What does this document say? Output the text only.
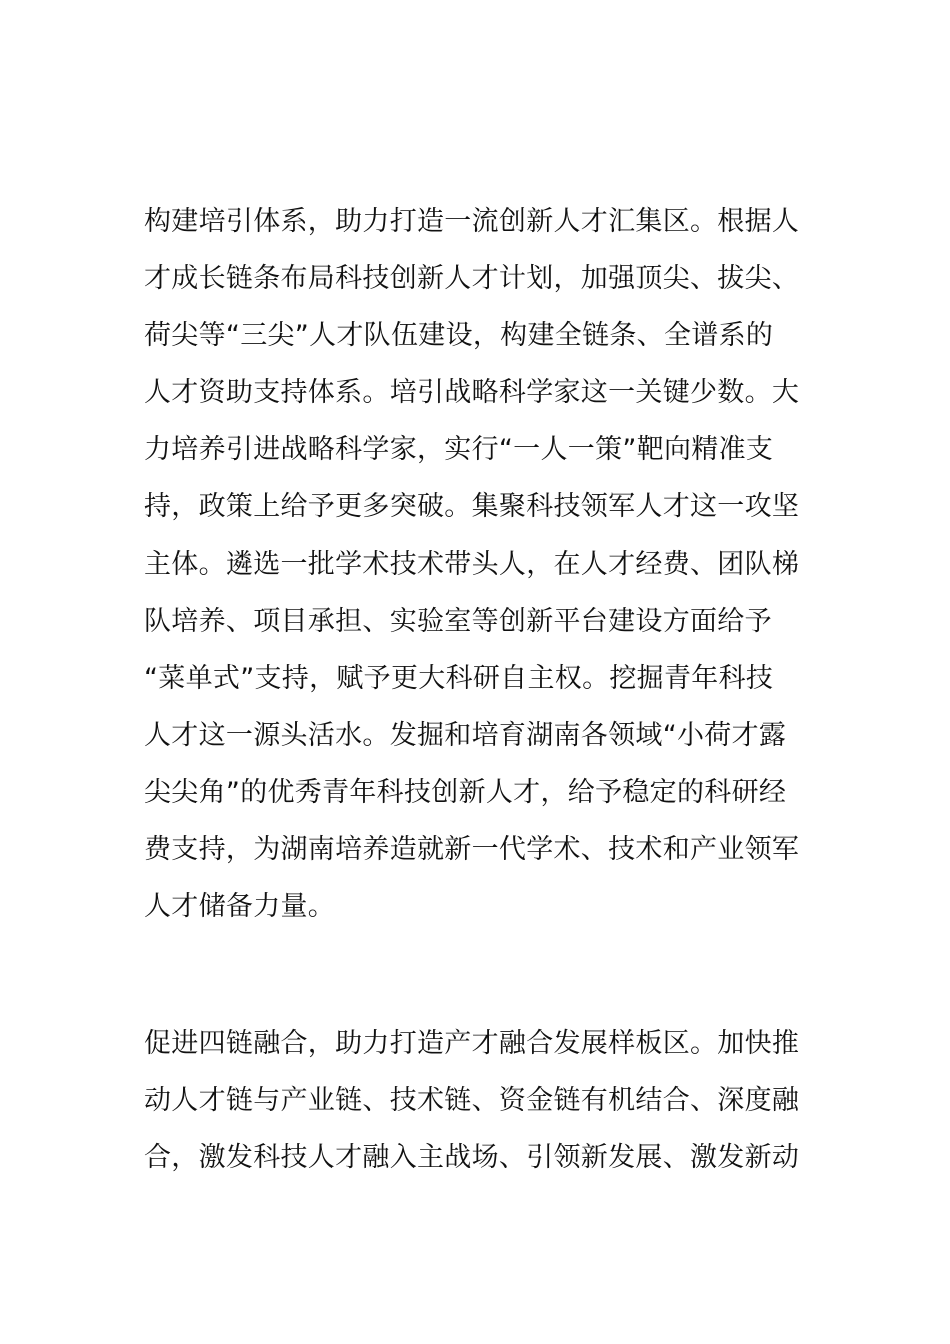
构建培引体系，助力打造一流创新人才汇集区。根据人
才成长链条布局科技创新人才计划，加强顶尖、拔尖、
荷尖等“三尖”人才队伍建设，构建全链条、全谱系的
人才资助支持体系。培引战略科学家这一关键少数。大
力培养引进战略科学家，实行“一人一策”靶向精准支
持，政策上给予更多突破。集聚科技领军人才这一攻坚
主体。遴选一批学术技术带头人，在人才经费、团队梯
队培养、项目承担、实验室等创新平台建设方面给予
“菜单式”支持，赋予更大科研自主权。挖掘青年科技
人才这一源头活水。发掘和培育湖南各领域“小荷才露
尖尖角”的优秀青年科技创新人才，给予稳定的科研经
费支持，为湖南培养造就新一代学术、技术和产业领军
人才储备力量。
促进四链融合，助力打造产才融合发展样板区。加快推
动人才链与产业链、技术链、资金链有机结合、深度融
合，激发科技人才融入主战场、引领新发展、激发新动
